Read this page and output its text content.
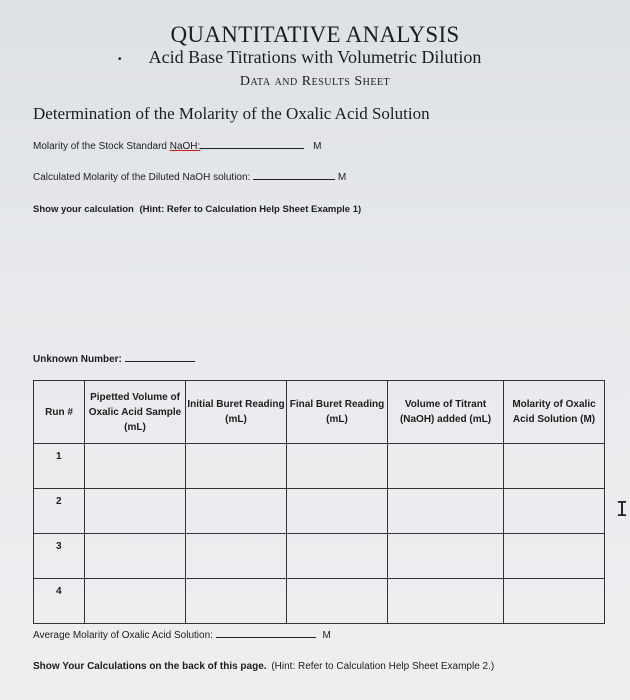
QUANTITATIVE ANALYSIS
•	Acid Base Titrations with Volumetric Dilution
Data and Results Sheet
Determination of the Molarity of the Oxalic Acid Solution
Molarity of the Stock Standard NaOH:	M
Calculated Molarity of the Diluted NaOH solution:	M
Show your calculation (Hint: Refer to Calculation Help Sheet Example 1)
Unknown Number:
Run #	Pipetted Volume of Oxalic Acid Sample (mL)	Initial Buret Reading (mL)	Final Buret Reading (mL)	Volume of Titrant (NaOH) added (mL)	Molarity of Oxalic Acid Solution (M)
1					
2					
3					
4					
Average Molarity of Oxalic Acid Solution:	M
Show Your Calculations on the back of this page. (Hint: Refer to Calculation Help Sheet Example 2.)
I
